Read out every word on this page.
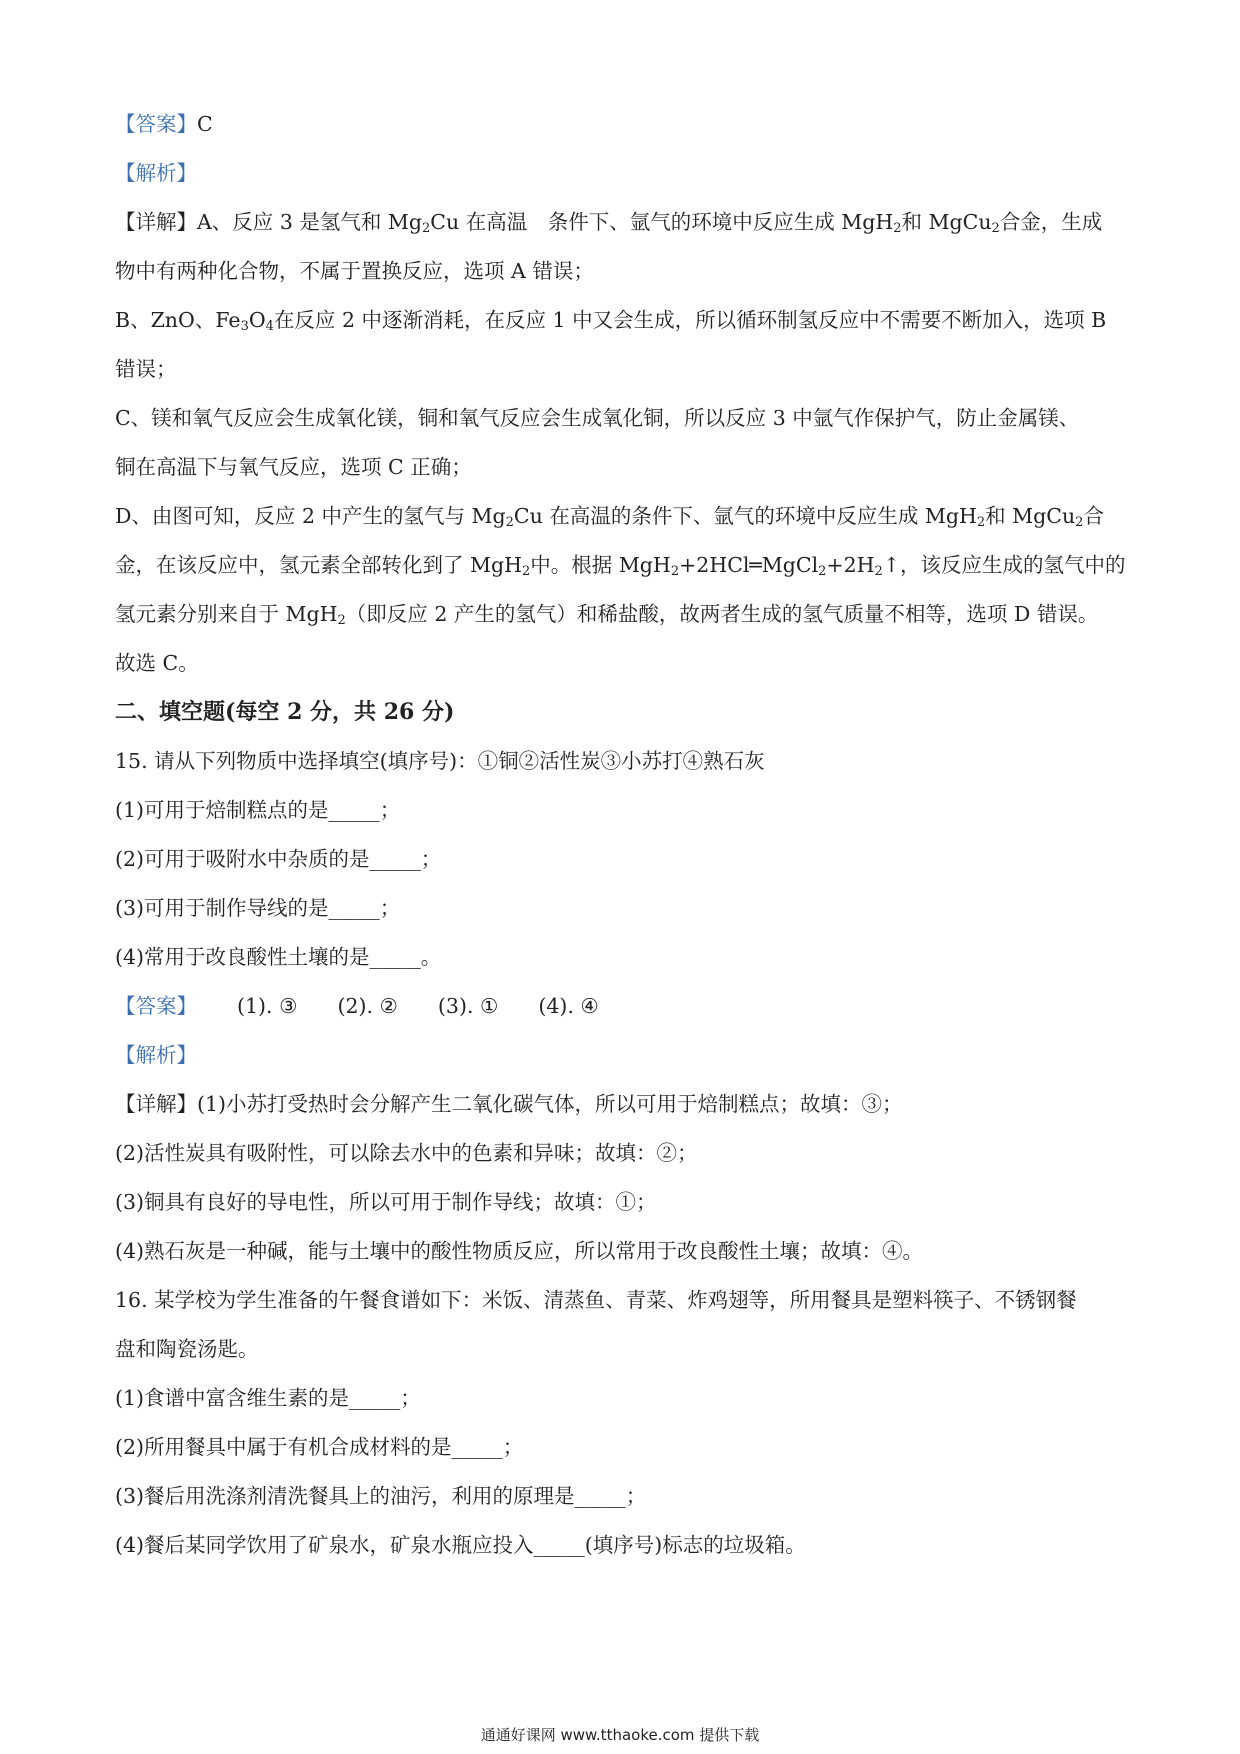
【答案】C
【解析】
【详解】A、反应 3 是氢气和 $Mg_2Cu$ 在高温　条件下、氩气的环境中反应生成 MgH$_2$和 MgCu$_2$合金，生成
物中有两种化合物，不属于置换反应，选项 A 错误；
B、ZnO、$Fe_3O_4$在反应 2 中逐渐消耗，在反应 1 中又会生成，所以循环制氢反应中不需要不断加入，选项 B
错误；
C、镁和氧气反应会生成氧化镁，铜和氧气反应会生成氧化铜，所以反应 3 中氩气作保护气，防止金属镁、
铜在高温下与氧气反应，选项 C 正确；
D、由图可知，反应 2 中产生的氢气与 $Mg_2Cu$ 在高温的条件下、氩气的环境中反应生成 MgH$_2$和 MgCu$_2$合
金，在该反应中，氢元素全部转化到了 MgH$_2$中。根据 $MgH_2+2HCl═MgCl_2+2H_2↑$，该反应生成的氢气中的
氢元素分别来自于 MgH$_2$（即反应 2 产生的氢气）和稀盐酸，故两者生成的氢气质量不相等，选项 D 错误。
故选 C。
二、填空题(每空 2 分，共 26 分)
15. 请从下列物质中选择填空(填序号)：①铜②活性炭③小苏打④熟石灰
(1)可用于焙制糕点的是_____；
(2)可用于吸附水中杂质的是_____；
(3)可用于制作导线的是_____；
(4)常用于改良酸性土壤的是_____。
【答案】 (1). ③ (2). ② (3). ① (4). ④
【解析】
【详解】(1)小苏打受热时会分解产生二氧化碳气体，所以可用于焙制糕点；故填：③；
(2)活性炭具有吸附性，可以除去水中的色素和异味；故填：②；
(3)铜具有良好的导电性，所以可用于制作导线；故填：①；
(4)熟石灰是一种碱，能与土壤中的酸性物质反应，所以常用于改良酸性土壤；故填：④。
16. 某学校为学生准备的午餐食谱如下：米饭、清蒸鱼、青菜、炸鸡翅等，所用餐具是塑料筷子、不锈钢餐
盘和陶瓷汤匙。
(1)食谱中富含维生素的是_____；
(2)所用餐具中属于有机合成材料的是_____；
(3)餐后用洗涤剂清洗餐具上的油污，利用的原理是_____；
(4)餐后某同学饮用了矿泉水，矿泉水瓶应投入_____(填序号)标志的垃圾箱。
通通好课网 www.tthaoke.com 提供下载
